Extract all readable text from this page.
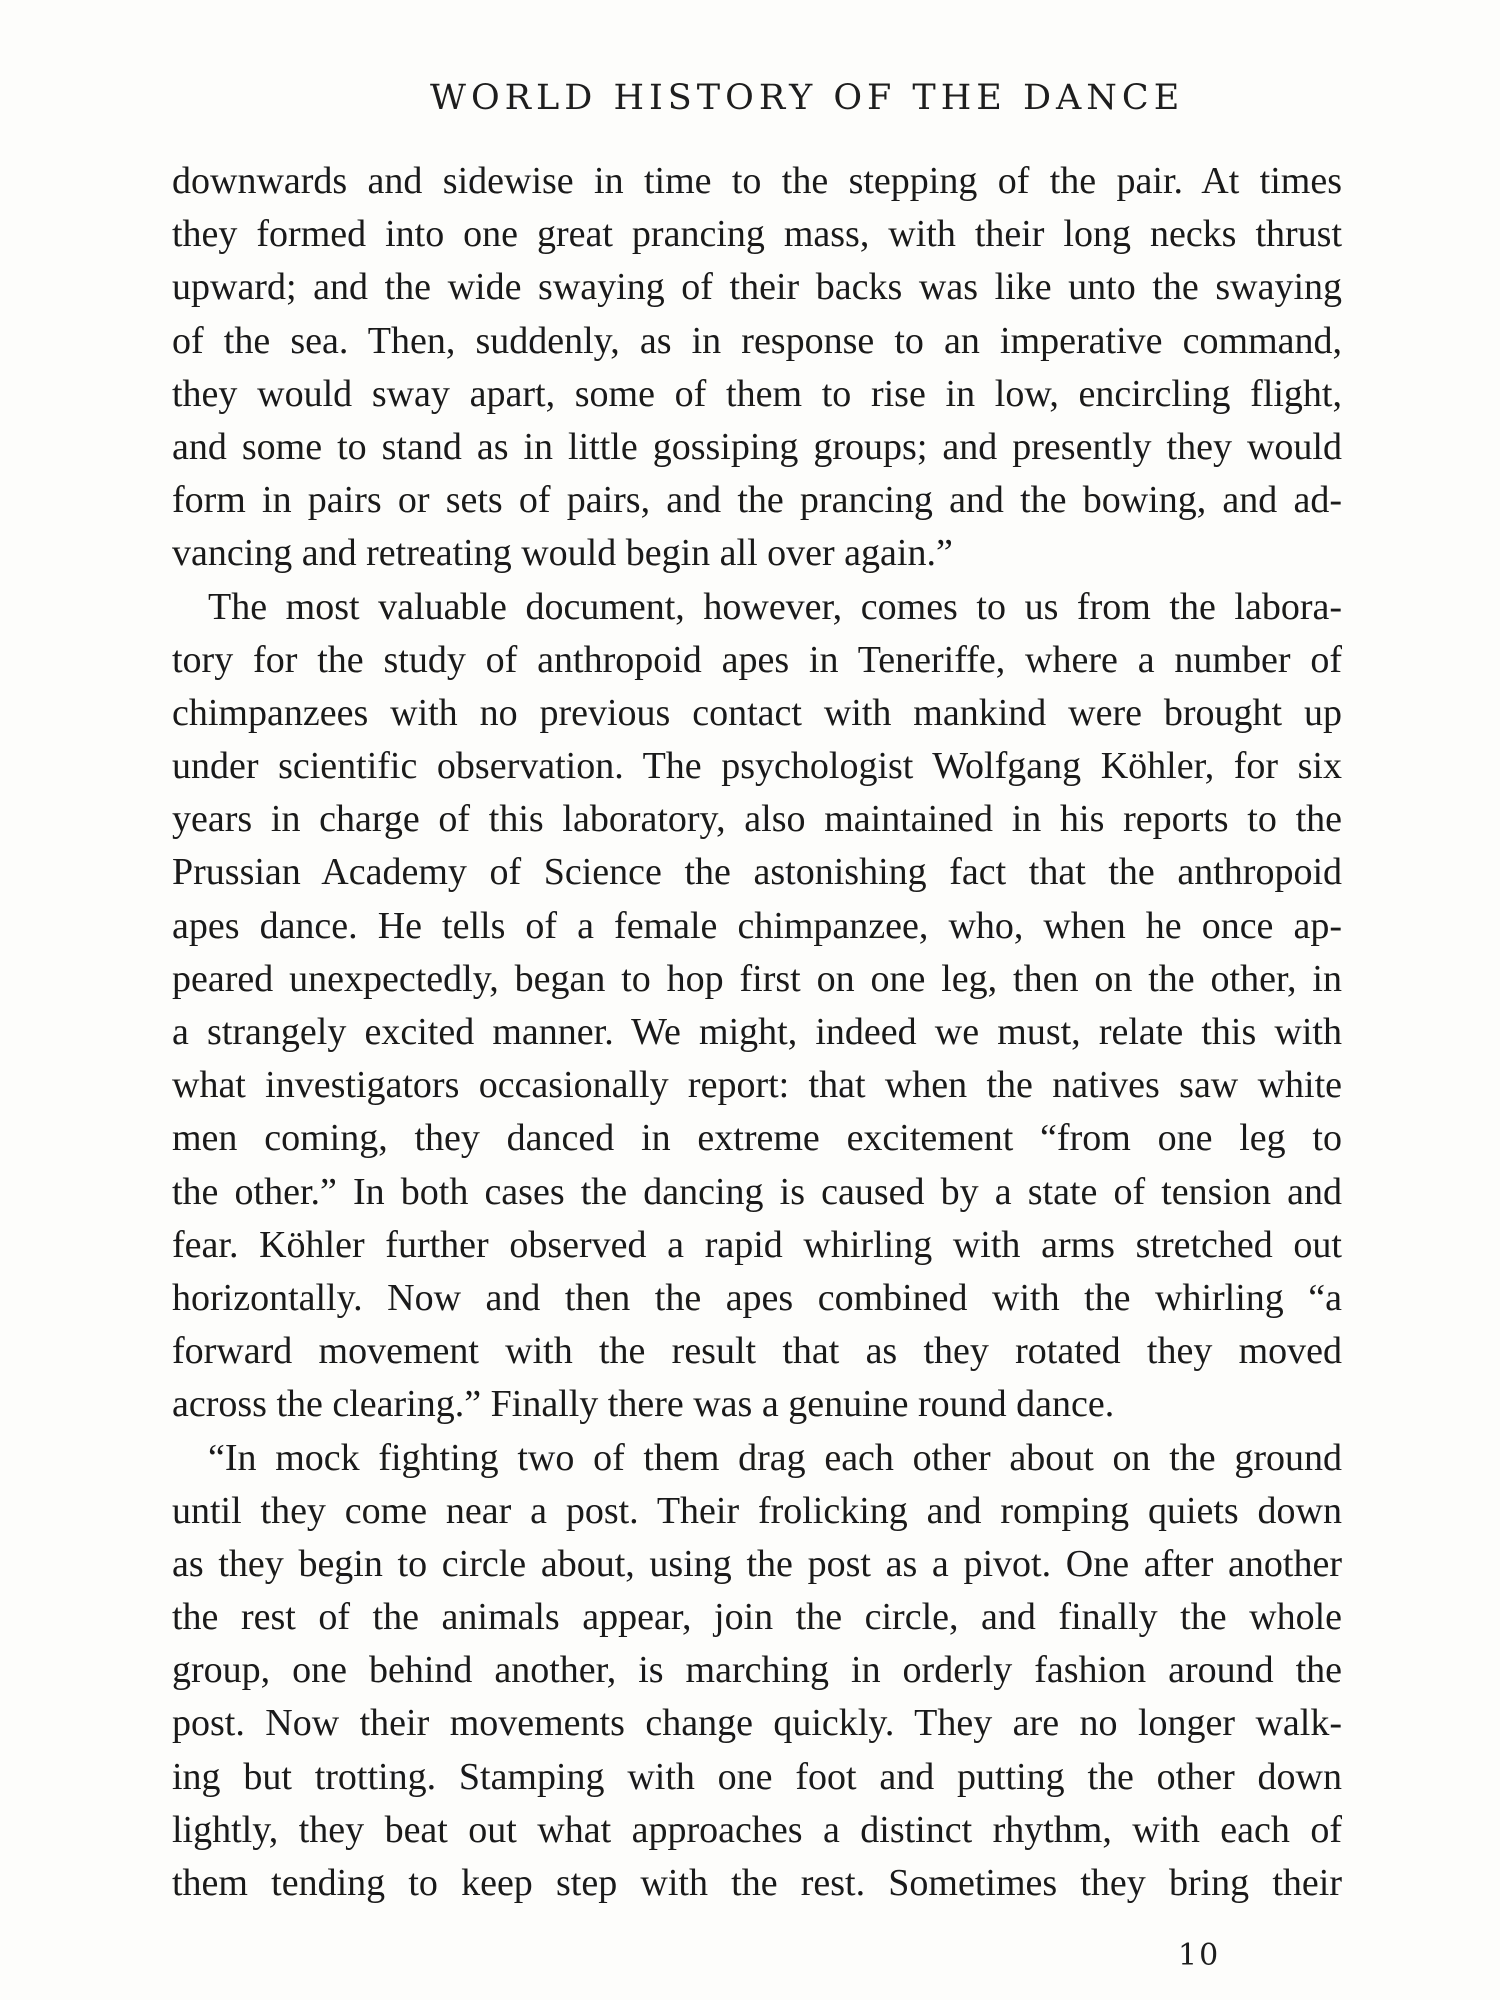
WORLD HISTORY OF THE DANCE
downwards and sidewise in time to the stepping of the pair. At times
they formed into one great prancing mass, with their long necks thrust
upward; and the wide swaying of their backs was like unto the swaying
of the sea. Then, suddenly, as in response to an imperative command,
they would sway apart, some of them to rise in low, encircling flight,
and some to stand as in little gossiping groups; and presently they would
form in pairs or sets of pairs, and the prancing and the bowing, and ad-
vancing and retreating would begin all over again.”
The most valuable document, however, comes to us from the labora-
tory for the study of anthropoid apes in Teneriffe, where a number of
chimpanzees with no previous contact with mankind were brought up
under scientific observation. The psychologist Wolfgang Köhler, for six
years in charge of this laboratory, also maintained in his reports to the
Prussian Academy of Science the astonishing fact that the anthropoid
apes dance. He tells of a female chimpanzee, who, when he once ap-
peared unexpectedly, began to hop first on one leg, then on the other, in
a strangely excited manner. We might, indeed we must, relate this with
what investigators occasionally report: that when the natives saw white
men coming, they danced in extreme excitement “from one leg to
the other.” In both cases the dancing is caused by a state of tension and
fear. Köhler further observed a rapid whirling with arms stretched out
horizontally. Now and then the apes combined with the whirling “a
forward movement with the result that as they rotated they moved
across the clearing.” Finally there was a genuine round dance.
“In mock fighting two of them drag each other about on the ground
until they come near a post. Their frolicking and romping quiets down
as they begin to circle about, using the post as a pivot. One after another
the rest of the animals appear, join the circle, and finally the whole
group, one behind another, is marching in orderly fashion around the
post. Now their movements change quickly. They are no longer walk-
ing but trotting. Stamping with one foot and putting the other down
lightly, they beat out what approaches a distinct rhythm, with each of
them tending to keep step with the rest. Sometimes they bring their
10
